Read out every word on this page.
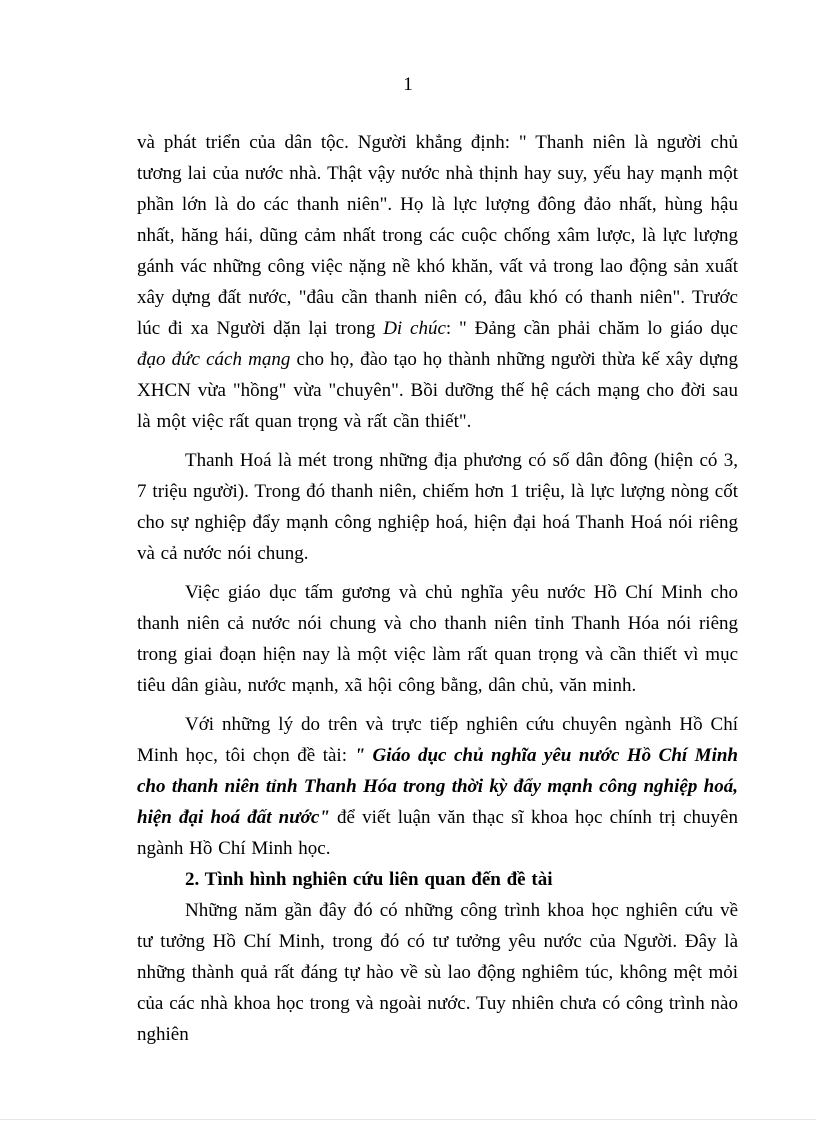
1

và phát triển của dân tộc. Người khẳng định: " Thanh niên là người chủ tương lai của nước nhà. Thật vậy nước nhà thịnh hay suy, yếu hay mạnh một phần lớn là do các thanh niên". Họ là lực lượng đông đảo nhất, hùng hậu nhất, hăng hái, dũng cảm nhất trong các cuộc chống xâm lược, là lực lượng gánh vác những công việc nặng nề khó khăn, vất vả trong lao động sản xuất xây dựng đất nước, "đâu cần thanh niên có, đâu khó có thanh niên". Trước lúc đi xa Người dặn lại trong Di chúc: " Đảng cần phải chăm lo giáo dục đạo đức cách mạng cho họ, đào tạo họ thành những người thừa kế xây dựng XHCN vừa "hồng" vừa "chuyên". Bồi dưỡng thế hệ cách mạng cho đời sau là một việc rất quan trọng và rất cần thiết".

Thanh Hoá là mét trong những địa phương có số dân đông (hiện có 3, 7 triệu người). Trong đó thanh niên, chiếm hơn 1 triệu, là lực lượng nòng cốt cho sự nghiệp đẩy mạnh công nghiệp hoá, hiện đại hoá Thanh Hoá nói riêng và cả nước nói chung.

Việc giáo dục tấm gương và chủ nghĩa yêu nước Hồ Chí Minh cho thanh niên cả nước nói chung và cho thanh niên tỉnh Thanh Hóa nói riêng trong giai đoạn hiện nay là một việc làm rất quan trọng và cần thiết vì mục tiêu dân giàu, nước mạnh, xã hội công bằng, dân chủ, văn minh.

Với những lý do trên và trực tiếp nghiên cứu chuyên ngành Hồ Chí Minh học, tôi chọn đề tài: " Giáo dục chủ nghĩa yêu nước Hồ Chí Minh cho thanh niên tỉnh Thanh Hóa trong thời kỳ đẩy mạnh công nghiệp hoá, hiện đại hoá đất nước" để viết luận văn thạc sĩ khoa học chính trị chuyên ngành Hồ Chí Minh học.

2. Tình hình nghiên cứu liên quan đến đề tài

Những năm gần đây đó có những công trình khoa học nghiên cứu về tư tưởng Hồ Chí Minh, trong đó có tư tưởng yêu nước của Người. Đây là những thành quả rất đáng tự hào về sù lao động nghiêm túc, không mệt mỏi của các nhà khoa học trong và ngoài nước. Tuy nhiên chưa có công trình nào nghiên
